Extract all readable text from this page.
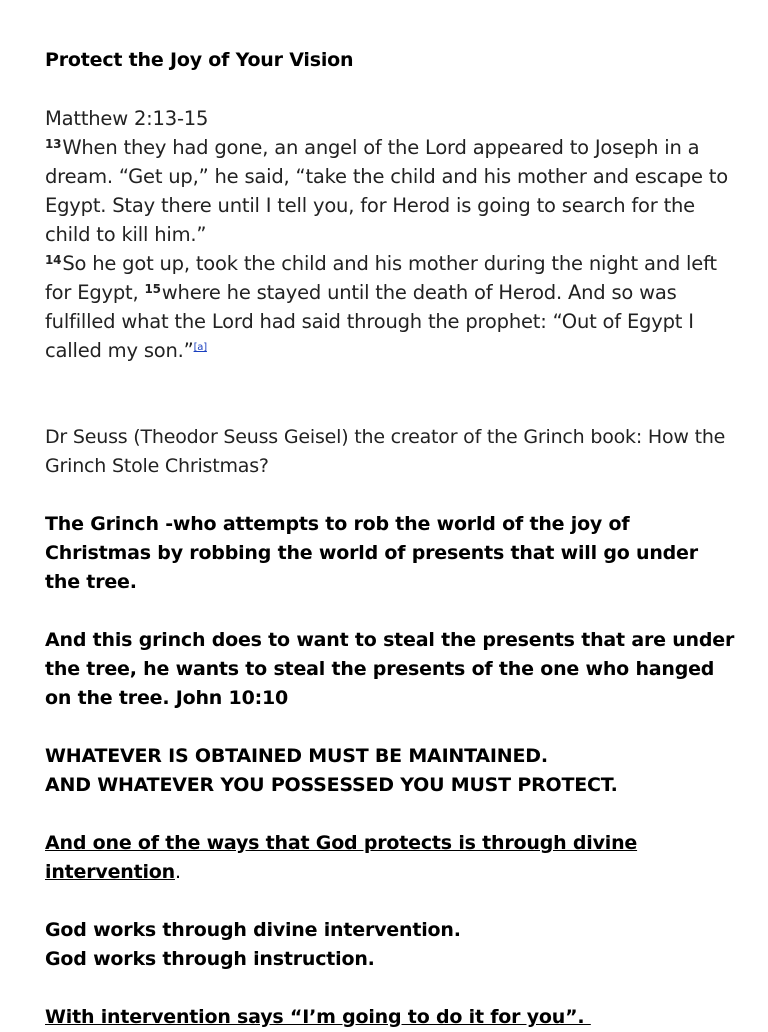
Protect the Joy of Your Vision

Matthew 2:13-15

$^{13}$When they had gone, an angel of the Lord appeared to Joseph in a dream. “Get up,” he said, “take the child and his mother and escape to Egypt. Stay there until I tell you, for Herod is going to search for the child to kill him.”

$^{14}$So he got up, took the child and his mother during the night and left for Egypt, $^{15}$where he stayed until the death of Herod. And so was fulfilled what the Lord had said through the prophet: “Out of Egypt I called my son.”[a]

Dr Seuss (Theodor Seuss Geisel) the creator of the Grinch book: How the Grinch Stole Christmas?

The Grinch -who attempts to rob the world of the joy of Christmas by robbing the world of presents that will go under the tree.

And this grinch does to want to steal the presents that are under the tree, he wants to steal the presents of the one who hanged on the tree. John 10:10

WHATEVER IS OBTAINED MUST BE MAINTAINED.

AND WHATEVER YOU POSSESSED YOU MUST PROTECT.

And one of the ways that God protects is through divine intervention.

God works through divine intervention.

God works through instruction.

With intervention says “I’m going to do it for you”.
